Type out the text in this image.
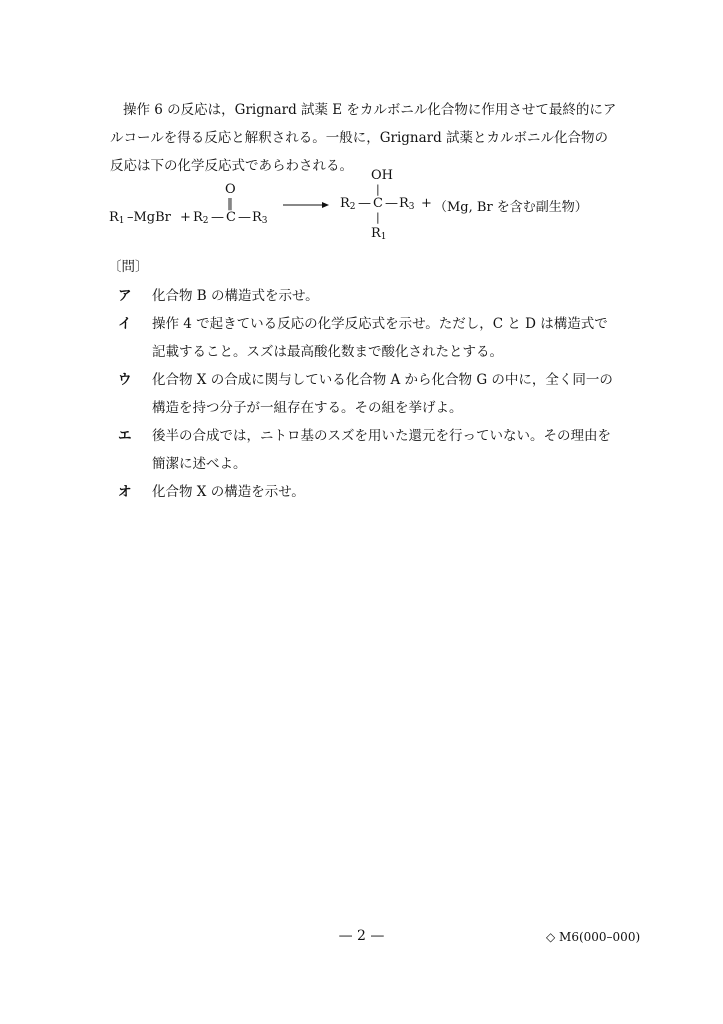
操作 6 の反応は，Grignard 試薬 E をカルボニル化合物に作用させて最終的にア

ルコールを得る反応と解釈される。一般に，Grignard 試薬とカルボニル化合物の

反応は下の化学反応式であらわされる。

$R_1$ –MgBr + $R_2$ — C — $R_3$
O
‖
OH
|
$R_2$ — C — $R_3 + (Mg$, Br を含む副生物）
|
$R_1$
〔問〕
ア 化合物 B の構造式を示せ。
イ 操作 4 で起きている反応の化学反応式を示せ。ただし，C と D は構造式で
記載すること。スズは最高酸化数まで酸化されたとする。
ウ 化合物 X の合成に関与している化合物 A から化合物 G の中に，全く同一の
構造を持つ分子が一組存在する。その組を挙げよ。
エ 後半の合成では，ニトロ基のスズを用いた還元を行っていない。その理由を
簡潔に述べよ。
オ 化合物 X の構造を示せ。
— 2 —	◇ M6(000–000)
